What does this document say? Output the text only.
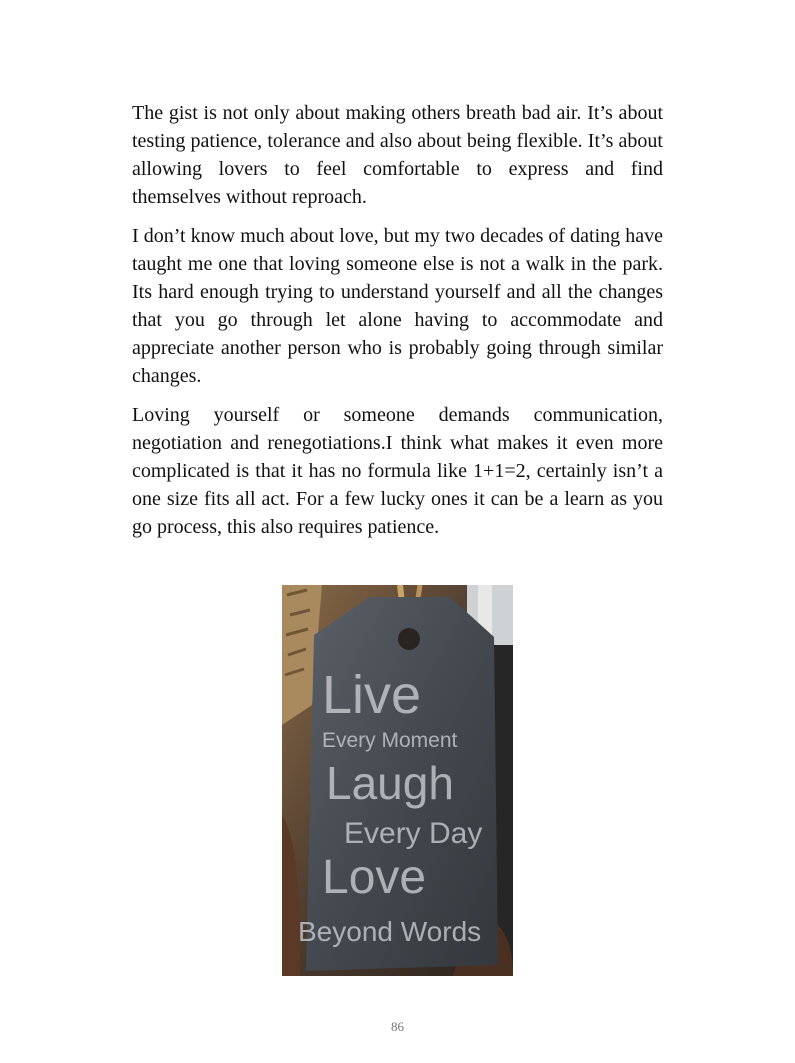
The gist is not only about making others breath bad air. It’s about testing patience, tolerance and also about being flexible. It’s about allowing lovers to feel comfortable to express and find themselves without reproach.

I don’t know much about love, but my two decades of dating have taught me one that loving someone else is not a walk in the park. Its hard enough trying to understand yourself and all the changes that you go through let alone having to accommodate and appreciate another person who is probably going through similar changes.

Loving yourself or someone demands communication, negotiation and renegotiations.I think what makes it even more complicated is that it has no formula like 1+1=2, certainly isn’t a one size fits all act. For a few lucky ones it can be a learn as you go process, this also requires patience.

Live
Every Moment
Laugh
Every Day
Love
Beyond Words
86
